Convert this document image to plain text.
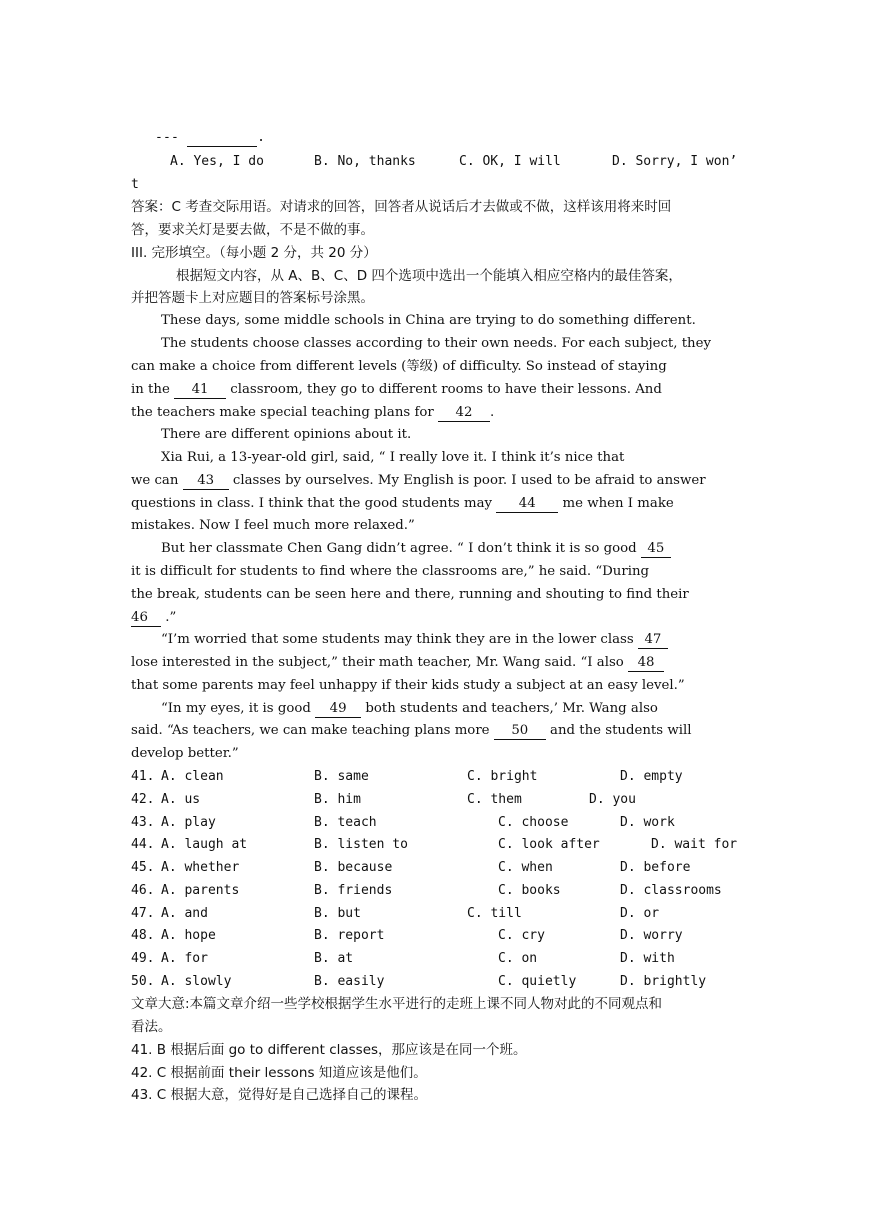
---	.
A. Yes, I do	B. No, thanks	C. OK, I will	D. Sorry, I won’
t
答案：C 考查交际用语。对请求的回答，回答者从说话后才去做或不做，这样该用将来时回
答，要求关灯是要去做，不是不做的事。
III. 完形填空。（每小题 2 分，共 20 分）
根据短文内容，从 A、B、C、D 四个选项中选出一个能填入相应空格内的最佳答案，
并把答题卡上对应题目的答案标号涂黑。
These days, some middle schools in China are trying to do something different.
The students choose classes according to their own needs. For each subject, they
can make a choice from different levels (等级) of difficulty. So instead of staying
in the 41 classroom, they go to different rooms to have their lessons. And
the teachers make special teaching plans for 42 .
There are different opinions about it.
Xia Rui, a 13-year-old girl, said, “ I really love it. I think it’s nice that
we can 43 classes by ourselves. My English is poor. I used to be afraid to answer
questions in class. I think that the good students may 44 me when I make
mistakes. Now I feel much more relaxed.”
But her classmate Chen Gang didn’t agree. “ I don’t think it is so good 45
it is difficult for students to find where the classrooms are,” he said. “During
the break, students can be seen here and there, running and shouting to find their
46 .”
“I’m worried that some students may think they are in the lower class 47
lose interested in the subject,” their math teacher, Mr. Wang said. “I also 48
that some parents may feel unhappy if their kids study a subject at an easy level.”
“In my eyes, it is good 49 both students and teachers,’ Mr. Wang also
said. “As teachers, we can make teaching plans more 50 and the students will
develop better.”
41. A. clean	B. same	C. bright	D. empty
42. A. us	B. him	C. them	D. you
43. A. play	B. teach	C. choose	D. work
44. A. laugh at	B. listen to	C. look after	D. wait for
45. A. whether	B. because	C. when	D. before
46. A. parents	B. friends	C. books	D. classrooms
47. A. and	B. but	C. till	D. or
48. A. hope	B. report	C. cry	D. worry
49. A. for	B. at	C. on	D. with
50. A. slowly	B. easily	C. quietly	D. brightly
文章大意:本篇文章介绍一些学校根据学生水平进行的走班上课不同人物对此的不同观点和
看法。
41. B 根据后面 go to different classes，那应该是在同一个班。
42. C 根据前面 their lessons 知道应该是他们。
43. C 根据大意，觉得好是自己选择自己的课程。
